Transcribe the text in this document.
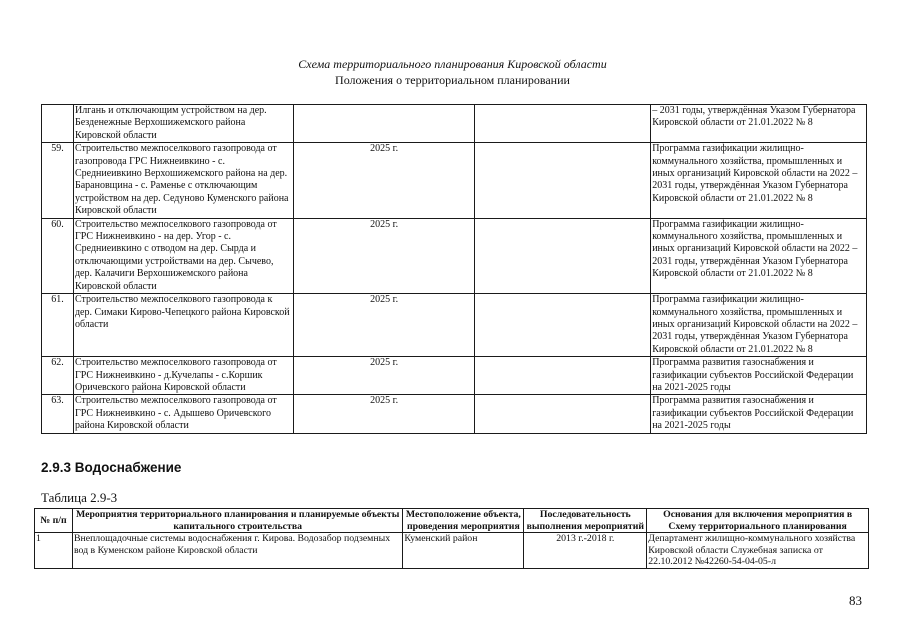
Схема территориального планирования Кировской области
Положения о территориальном планировании
	Илгань и отключающим устройством на дер. Безденежные Верхошижемского района Кировской области			– 2031 годы, утверждённая Указом Губернатора Кировской области от 21.01.2022 № 8
59.	Строительство межпоселкового газопровода от газопровода ГРС Нижнеивкино - с. Средниеивкино Верхошижемского района на дер. Барановщина - с. Раменье с отключающим устройством на дер. Седуново Куменского района Кировской области	2025 г.		Программа газификации жилищно-коммунального хозяйства, промышленных и иных организаций Кировской области на 2022 – 2031 годы, утверждённая Указом Губернатора Кировской области от 21.01.2022 № 8
60.	Строительство межпоселкового газопровода от ГРС Нижнеивкино - на дер. Угор - с. Средниеивкино с отводом на дер. Сырда и отключающими устройствами на дер. Сычево, дер. Калачиги Верхошижемского района Кировской области	2025 г.		Программа газификации жилищно-коммунального хозяйства, промышленных и иных организаций Кировской области на 2022 – 2031 годы, утверждённая Указом Губернатора Кировской области от 21.01.2022 № 8
61.	Строительство межпоселкового газопровода к дер. Симаки Кирово-Чепецкого района Кировской области	2025 г.		Программа газификации жилищно-коммунального хозяйства, промышленных и иных организаций Кировской области на 2022 – 2031 годы, утверждённая Указом Губернатора Кировской области от 21.01.2022 № 8
62.	Строительство межпоселкового газопровода от ГРС Нижнеивкино - д.Кучелапы - с.Коршик Оричевского района Кировской области	2025 г.		Программа развития газоснабжения и газификации субъектов Российской Федерации на 2021-2025 годы
63.	Строительство межпоселкового газопровода от ГРС Нижнеивкино - с. Адышево Оричевского района Кировской области	2025 г.		Программа развития газоснабжения и газификации субъектов Российской Федерации на 2021-2025 годы
2.9.3 Водоснабжение
Таблица 2.9-3
№ п/п	Мероприятия территориального планирования и планируемые объекты капитального строительства	Местоположение объекта, проведения мероприятия	Последовательность выполнения мероприятий	Основания для включения мероприятия в Схему территориального планирования
1	Внеплощадочные системы водоснабжения г. Кирова. Водозабор подземных вод в Куменском районе Кировской области	Куменский район	2013 г.-2018 г.	Департамент жилищно-коммунального хозяйства Кировской области Служебная записка от 22.10.2012 №42260-54-04-05-л
83
